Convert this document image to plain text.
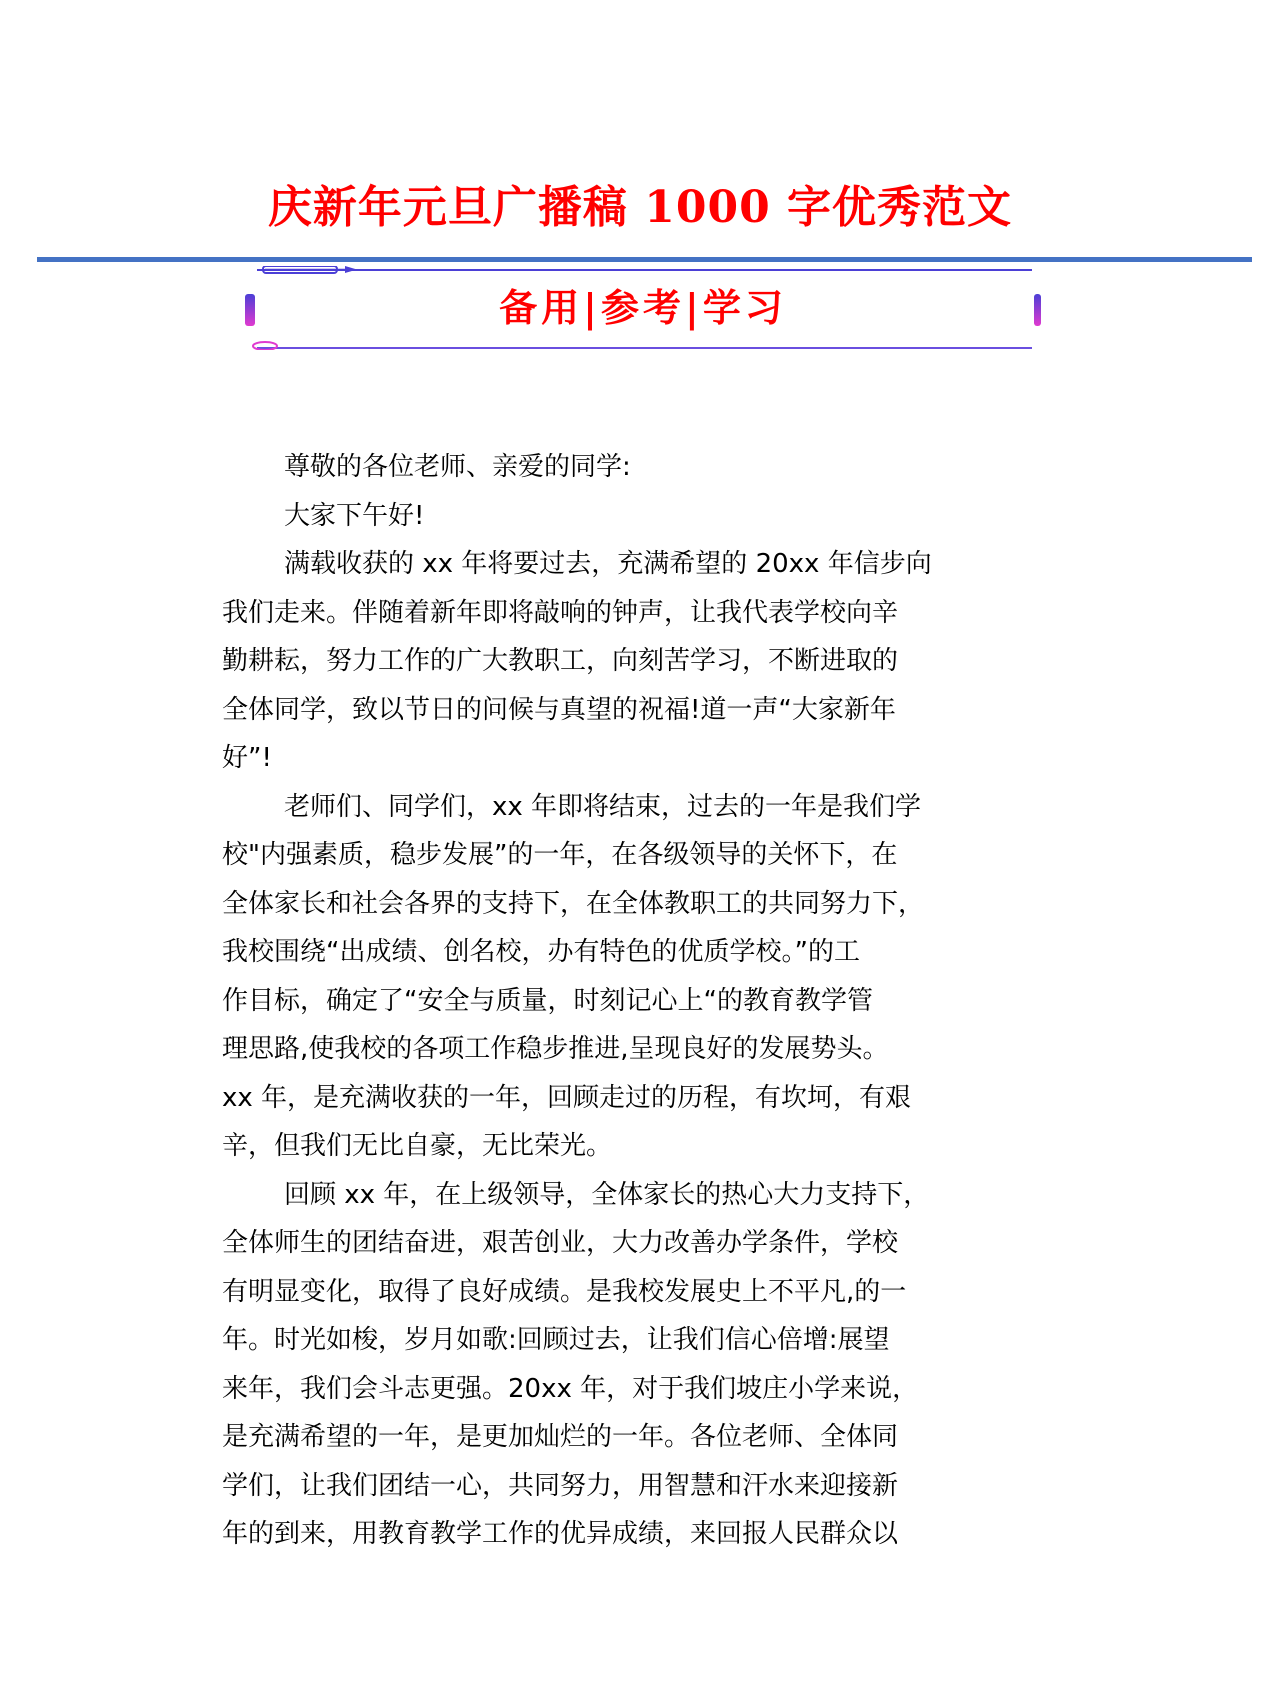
庆新年元旦广播稿 1000 字优秀范文
备用|参考|学习
尊敬的各位老师、亲爱的同学:
大家下午好!
满载收获的 xx 年将要过去，充满希望的 20xx 年信步向
我们走来。伴随着新年即将敲响的钟声，让我代表学校向辛
勤耕耘，努力工作的广大教职工，向刻苦学习，不断进取的
全体同学，致以节日的问候与真望的祝福!道一声“大家新年
好”!
老师们、同学们，xx 年即将结束，过去的一年是我们学
校"内强素质，稳步发展”的一年，在各级领导的关怀下，在
全体家长和社会各界的支持下，在全体教职工的共同努力下，
我校围绕“出成绩、创名校，办有特色的优质学校。”的工
作目标，确定了“安全与质量，时刻记心上“的教育教学管
理思路,使我校的各项工作稳步推进,呈现良好的发展势头。
xx 年，是充满收获的一年，回顾走过的历程，有坎坷，有艰
辛，但我们无比自豪，无比荣光。
回顾 xx 年，在上级领导，全体家长的热心大力支持下，
全体师生的团结奋进，艰苦创业，大力改善办学条件，学校
有明显变化，取得了良好成绩。是我校发展史上不平凡,的一
年。时光如梭，岁月如歌:回顾过去，让我们信心倍增:展望
来年，我们会斗志更强。20xx 年，对于我们坡庄小学来说，
是充满希望的一年，是更加灿烂的一年。各位老师、全体同
学们，让我们团结一心，共同努力，用智慧和汗水来迎接新
年的到来，用教育教学工作的优异成绩，来回报人民群众以
